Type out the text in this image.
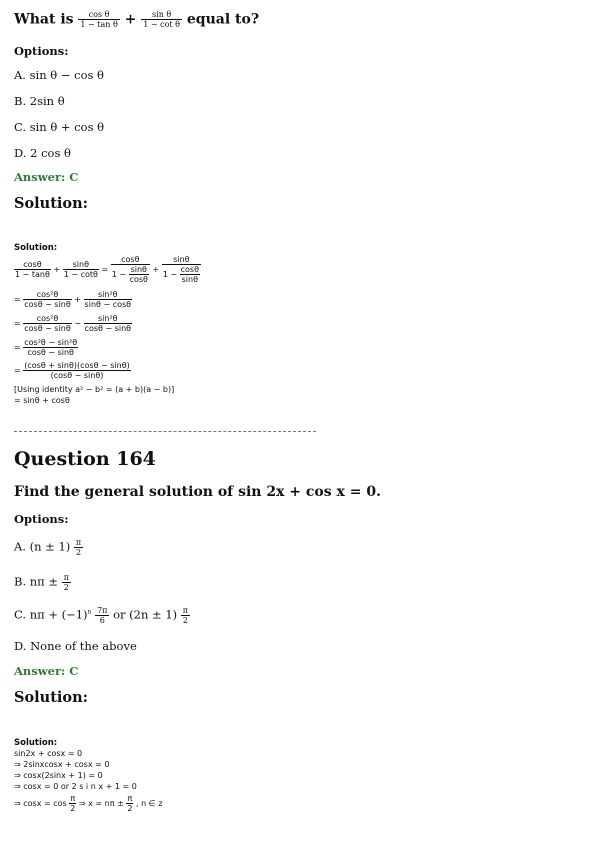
What is $\frac{\text{cos θ}}{\text{1 − tan θ}} + \frac{\text{sin θ}}{\text{1 − cot θ}}$ equal to?
Options:
A. sin θ − cos θ
B. 2sin θ
C. sin θ + cos θ
D. 2 cos θ
Answer: C
Solution:
Solution:
$\frac{\cos\theta}{1 - \tan\theta} + \frac{\sin\theta}{1 - \cot\theta} = \frac{\cos\theta}{1 - \frac{\sin\theta}{\cos\theta}} + \frac{\sin\theta}{1 - \frac{\cos\theta}{\sin\theta}}$
= $\frac{\text{cos²θ}}{\cos\theta - \sin\theta} + \frac{\text{sin²θ}}{\sin\theta - \cos\theta}$
= $\frac{\text{cos²θ}}{\cos\theta - \sin\theta} - \frac{\text{sin²θ}}{\cos\theta - \sin\theta}$
= $\frac{\text{cos²θ − sin²θ}}{\cos\theta - \sin\theta}$
= $\frac{(\cos\theta + \sin\theta)(\cos\theta - \sin\theta)}{(\cos\theta - \sin\theta)}$
[Using identity a² − b² = (a + b)(a − b)]
= sinθ + cosθ
Question 164
Find the general solution of sin 2x + cos x = 0.
Options:
A. $(n \pm 1) \frac{\pi}{2}$
B. $n\pi \pm \frac{\pi}{2}$
C. $n\pi + (-1)^n \frac{7\pi}{6}$ or $(2n \pm 1) \frac{\pi}{2}$
D. None of the above
Answer: C
Solution:
Solution:
sin2x + cosx = 0
⇒ 2sinxcosx + cosx = 0
⇒ cosx(2sinx + 1) = 0
⇒ cosx = 0 or 2 s i n x + 1 = 0
⇒ $\cos x = \cos \frac{\pi}{2}$ ⇒ $x = n\pi \pm \frac{\pi}{2}$ , n ∈ z
